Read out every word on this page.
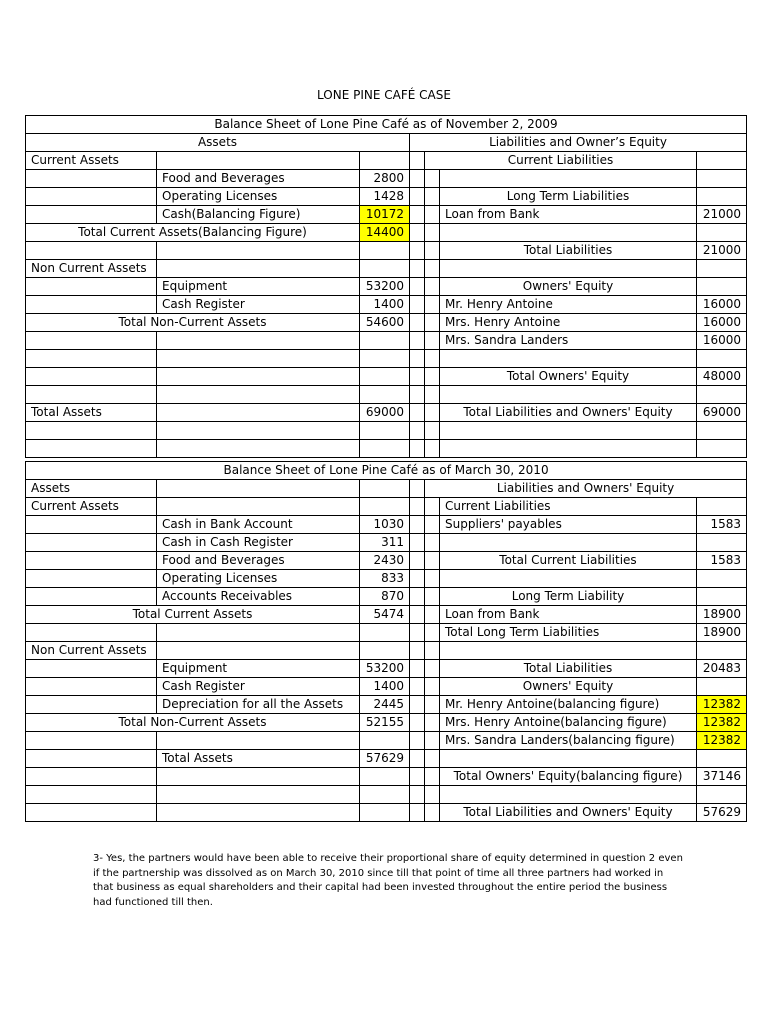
LONE PINE CAFÉ CASE
Balance Sheet of Lone Pine Café as of November 2, 2009						
Assets			Liabilities and Owner’s Equity			
Current Assets				Current Liabilities		
	Food and Beverages	2800				
	Operating Licenses	1428			Long Term Liabilities	
	Cash(Balancing Figure)	10172			Loan from Bank	21000
Total Current Assets(Balancing Figure)		14400				
					Total Liabilities	21000
Non Current Assets						
	Equipment	53200			Owners' Equity	
	Cash Register	1400			Mr. Henry Antoine	16000
Total Non-Current Assets		54600			Mrs. Henry Antoine	16000
					Mrs. Sandra Landers	16000

					Total Owners' Equity	48000

Total Assets		69000			Total Liabilities and Owners' Equity	69000

Balance Sheet of Lone Pine Café as of March 30, 2010						
Assets				Liabilities and Owners' Equity		
Current Assets					Current Liabilities	
	Cash in Bank Account	1030			Suppliers' payables	1583
	Cash in Cash Register	311				
	Food and Beverages	2430			Total Current Liabilities	1583
	Operating Licenses	833				
	Accounts Receivables	870			Long Term Liability	
Total Current Assets		5474			Loan from Bank	18900
					Total Long Term Liabilities	18900
Non Current Assets						
	Equipment	53200			Total Liabilities	20483
	Cash Register	1400			Owners' Equity	
	Depreciation for all the Assets	2445			Mr. Henry Antoine(balancing figure)	12382
Total Non-Current Assets		52155			Mrs. Henry Antoine(balancing figure)	12382
					Mrs. Sandra Landers(balancing figure)	12382
	Total Assets	57629				
					Total Owners' Equity(balancing figure)	37146

					Total Liabilities and Owners' Equity	57629
3- Yes, the partners would have been able to receive their proportional share of equity determined in question 2 even if the partnership was dissolved as on March 30, 2010 since till that point of time all three partners had worked in that business as equal shareholders and their capital had been invested throughout the entire period the business had functioned till then.
